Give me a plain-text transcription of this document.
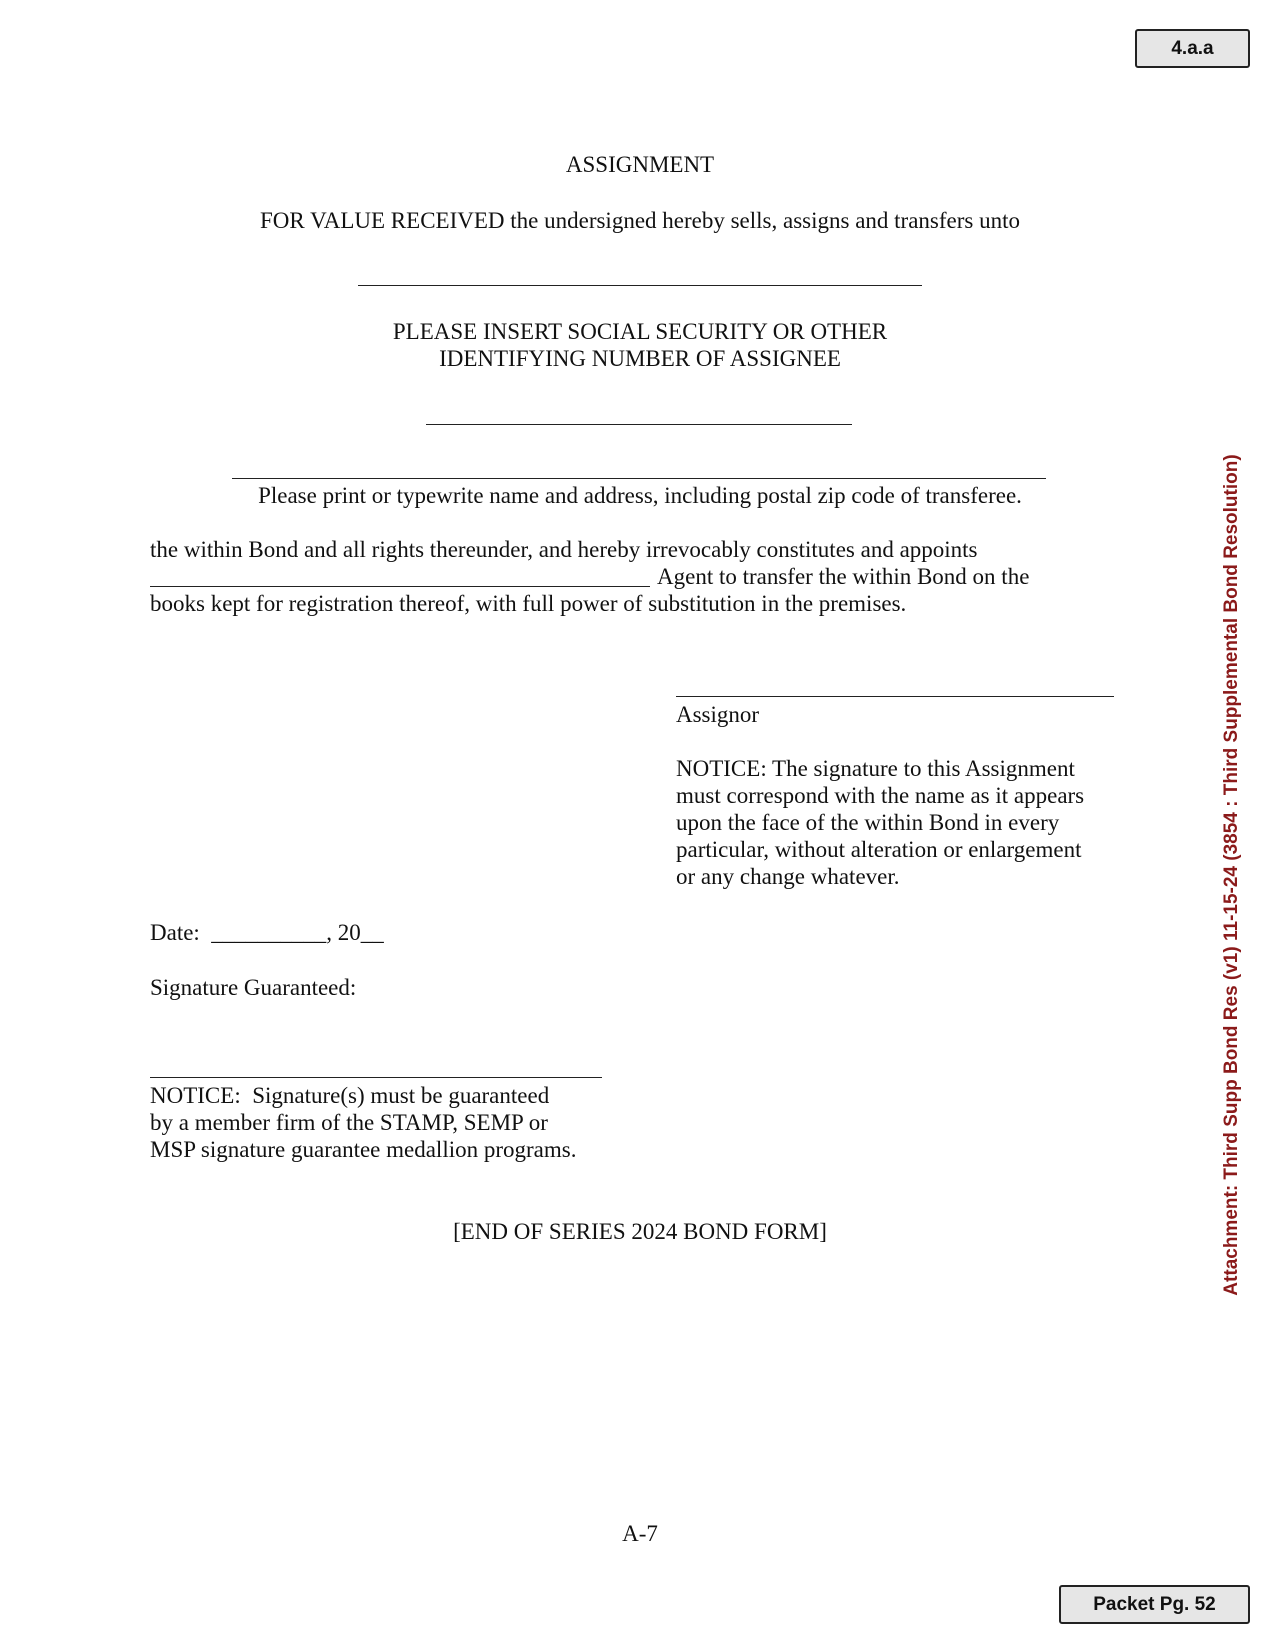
4.a.a
ASSIGNMENT
FOR VALUE RECEIVED the undersigned hereby sells, assigns and transfers unto
PLEASE INSERT SOCIAL SECURITY OR OTHER
IDENTIFYING NUMBER OF ASSIGNEE
Please print or typewrite name and address, including postal zip code of transferee.
the within Bond and all rights thereunder, and hereby irrevocably constitutes and appoints
Agent to transfer the within Bond on the
books kept for registration thereof, with full power of substitution in the premises.
Assignor
NOTICE: The signature to this Assignment
must correspond with the name as it appears
upon the face of the within Bond in every
particular, without alteration or enlargement
or any change whatever.
Date:  __________, 20__
Signature Guaranteed:
NOTICE:  Signature(s) must be guaranteed
by a member firm of the STAMP, SEMP or
MSP signature guarantee medallion programs.
[END OF SERIES 2024 BOND FORM]
A-7
Packet Pg. 52
Attachment: Third Supp Bond Res (v1) 11-15-24 (3854 : Third Supplemental Bond Resolution)
